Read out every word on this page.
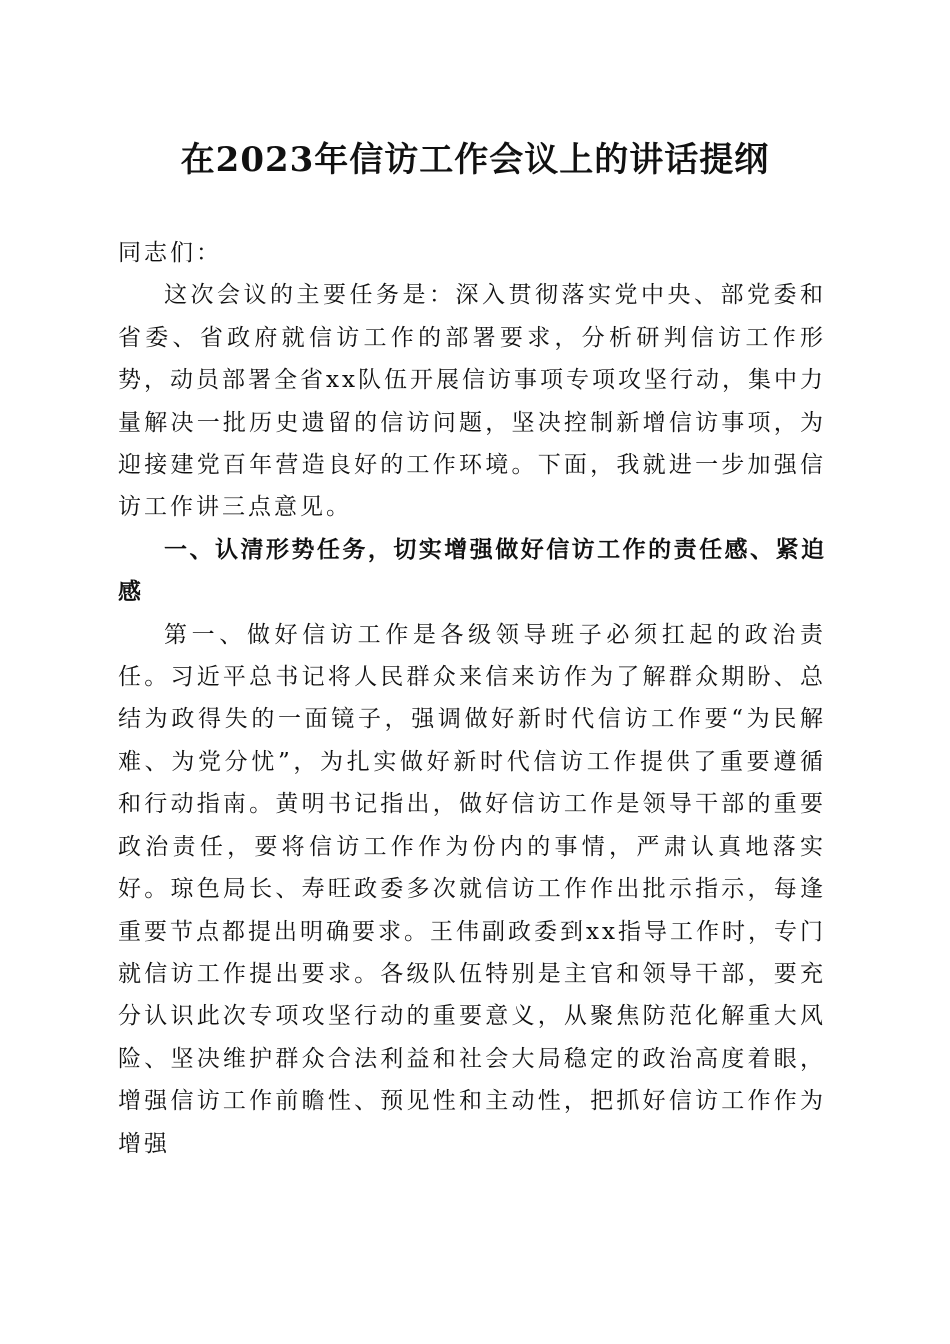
在2023年信访工作会议上的讲话提纲

同志们：

这次会议的主要任务是：深入贯彻落实党中央、部党委和省委、省政府就信访工作的部署要求，分析研判信访工作形势，动员部署全省xx队伍开展信访事项专项攻坚行动，集中力量解决一批历史遗留的信访问题，坚决控制新增信访事项，为迎接建党百年营造良好的工作环境。下面，我就进一步加强信访工作讲三点意见。

一、认清形势任务，切实增强做好信访工作的责任感、紧迫感

第一、做好信访工作是各级领导班子必须扛起的政治责任。习近平总书记将人民群众来信来访作为了解群众期盼、总结为政得失的一面镜子，强调做好新时代信访工作要“为民解难、为党分忧”，为扎实做好新时代信访工作提供了重要遵循和行动指南。黄明书记指出，做好信访工作是领导干部的重要政治责任，要将信访工作作为份内的事情，严肃认真地落实好。琼色局长、寿旺政委多次就信访工作作出批示指示，每逢重要节点都提出明确要求。王伟副政委到xx指导工作时，专门就信访工作提出要求。各级队伍特别是主官和领导干部，要充分认识此次专项攻坚行动的重要意义，从聚焦防范化解重大风险、坚决维护群众合法利益和社会大局稳定的政治高度着眼，增强信访工作前瞻性、预见性和主动性，把抓好信访工作作为增强
